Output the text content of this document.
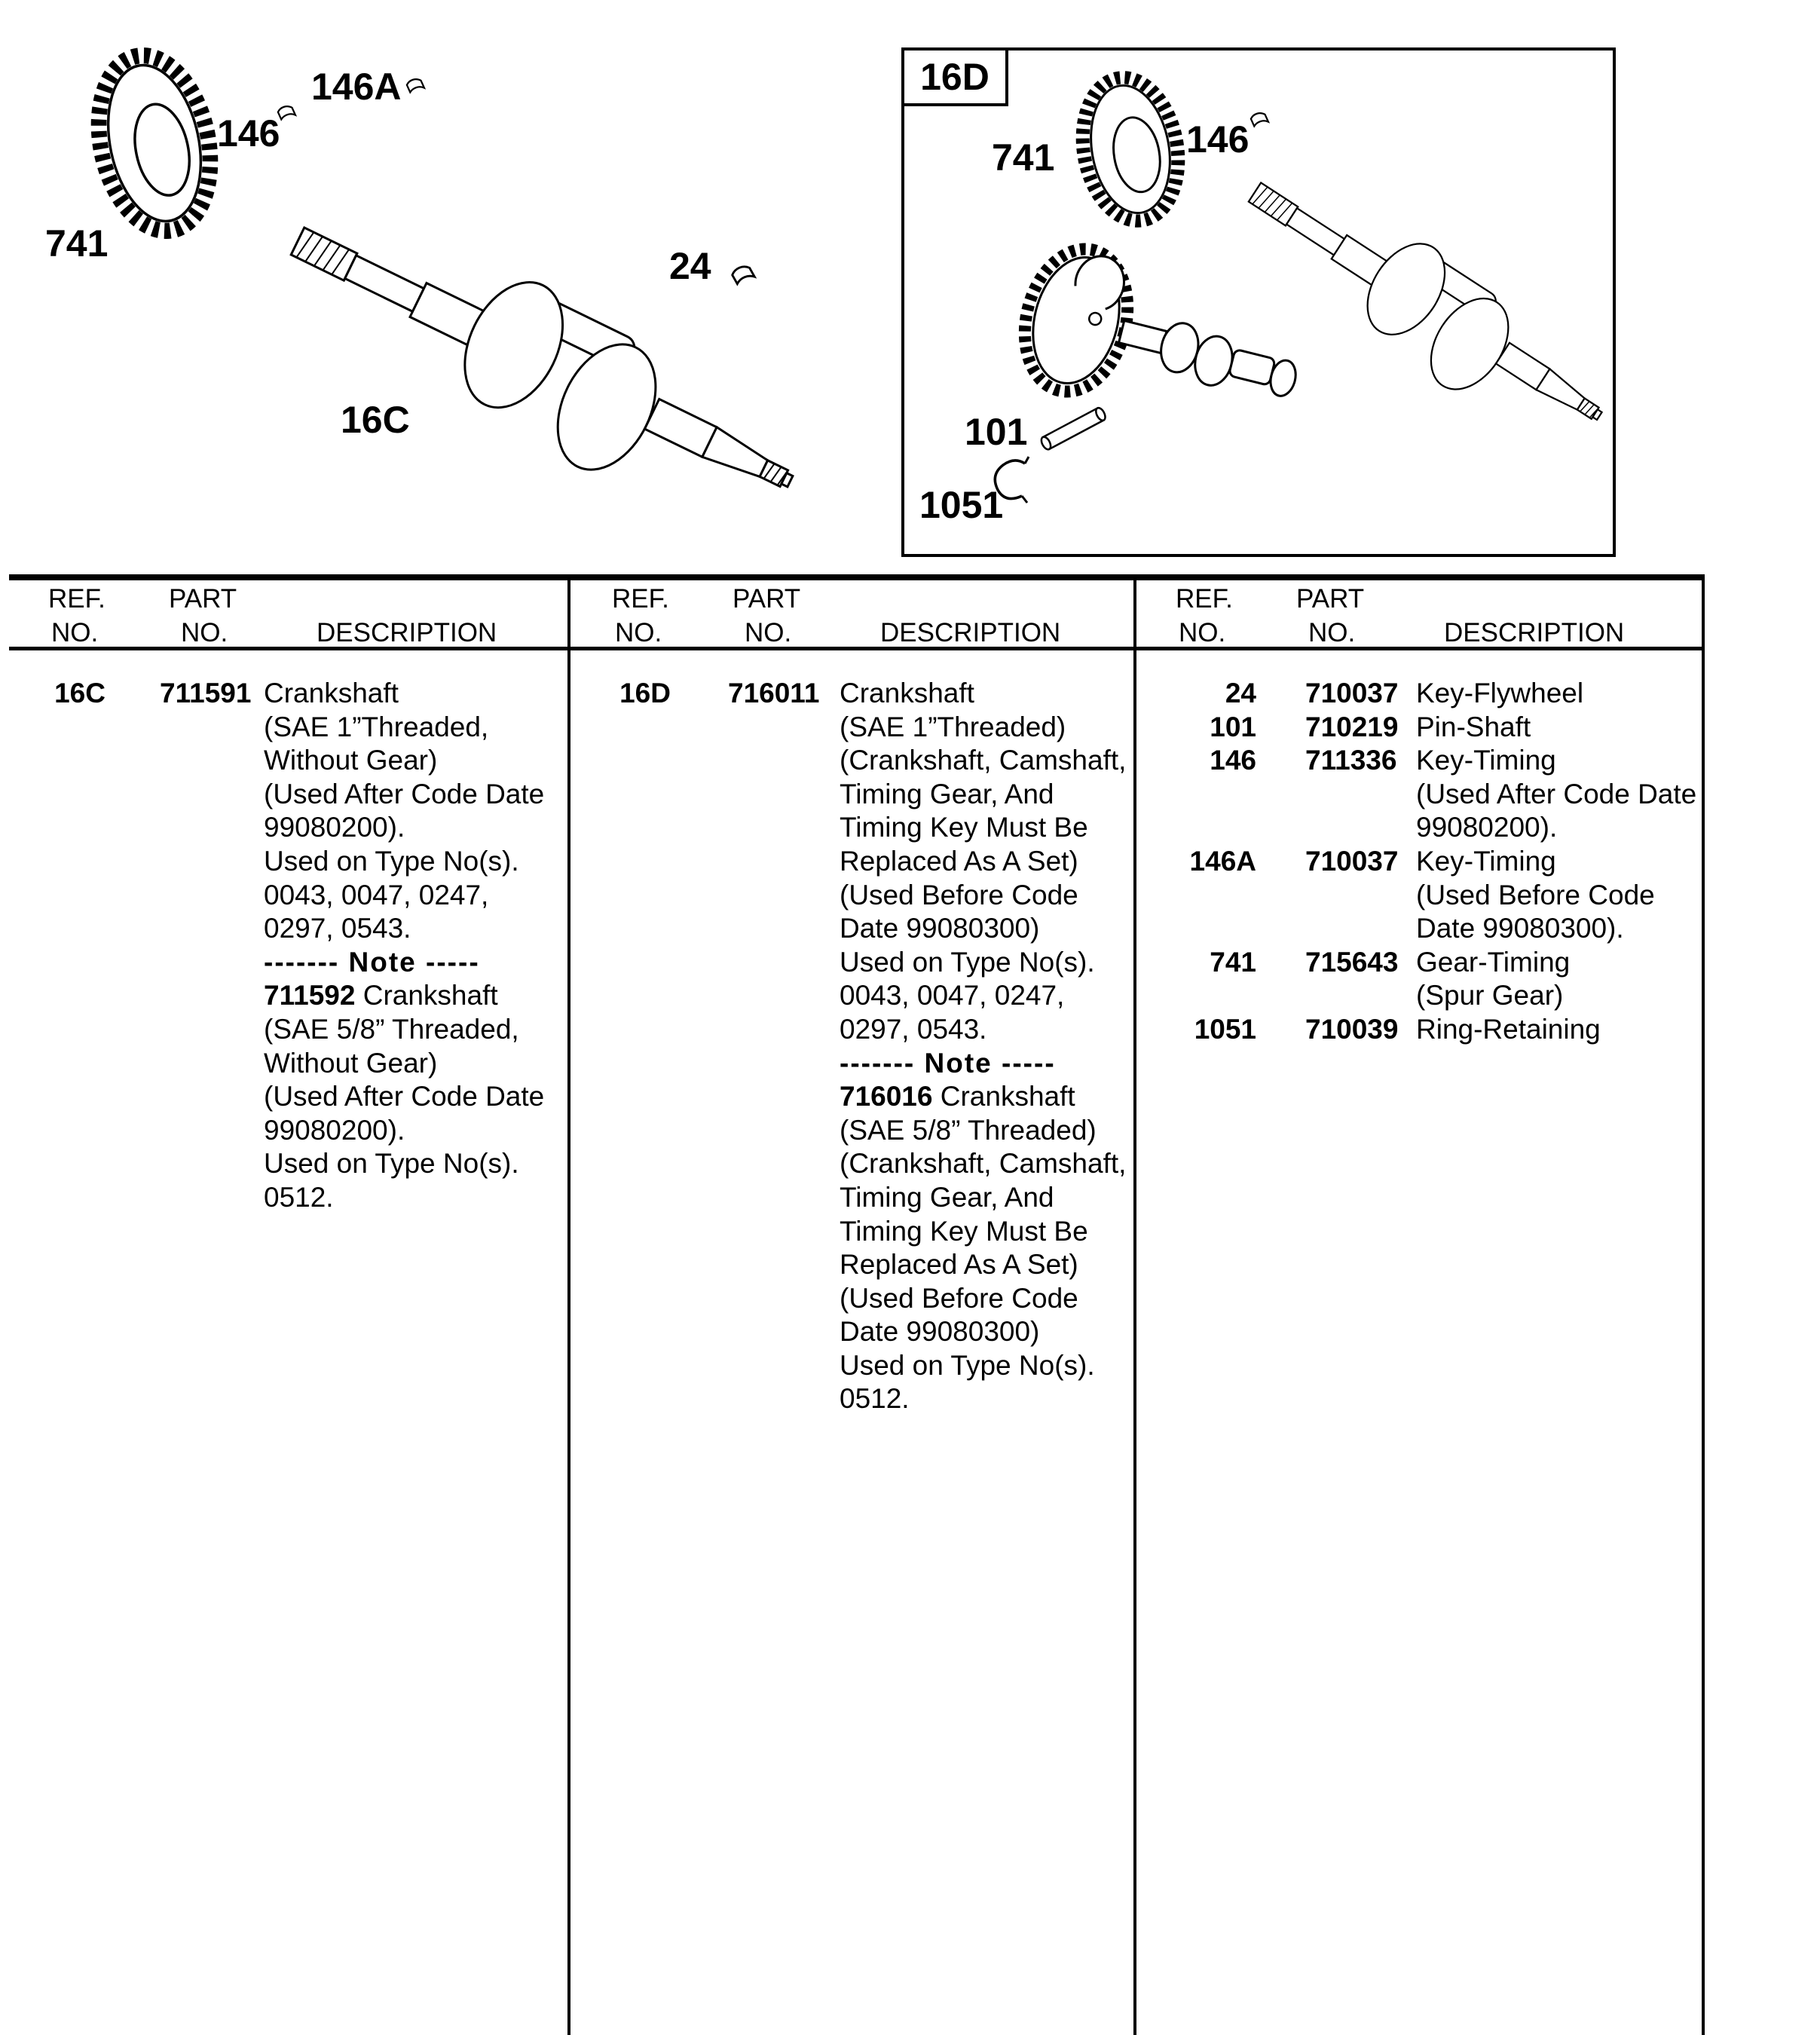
16D
741
146
146A
24
16C
741	146
101
1051
REF.
NO.
PART
NO.	DESCRIPTION
REF.
NO.
PART
NO.	DESCRIPTION
REF.
NO.
PART
NO.	DESCRIPTION
16C	711591 Crankshaft
(SAE 1”Threaded,
Without Gear)
(Used After Code Date
99080200).
Used on Type No(s).
0043, 0047, 0247,
0297, 0543.
------- Note -----
711592 Crankshaft
(SAE 5/8” Threaded,
Without Gear)
(Used After Code Date
99080200).
Used on Type No(s).
0512.
16D	716011 Crankshaft
(SAE 1”Threaded)
(Crankshaft, Camshaft,
Timing Gear, And
Timing Key Must Be
Replaced As A Set)
(Used Before Code
Date 99080300)
Used on Type No(s).
0043, 0047, 0247,
0297, 0543.
------- Note -----
716016 Crankshaft
(SAE 5/8” Threaded)
(Crankshaft, Camshaft,
Timing Gear, And
Timing Key Must Be
Replaced As A Set)
(Used Before Code
Date 99080300)
Used on Type No(s).
0512.
24	710037 Key-Flywheel
101	710219 Pin-Shaft
146	711336 Key-Timing
(Used After Code Date
99080200).
146A	710037 Key-Timing
(Used Before Code
Date 99080300).
741	715643 Gear-Timing
(Spur Gear)
1051	710039 Ring-Retaining
